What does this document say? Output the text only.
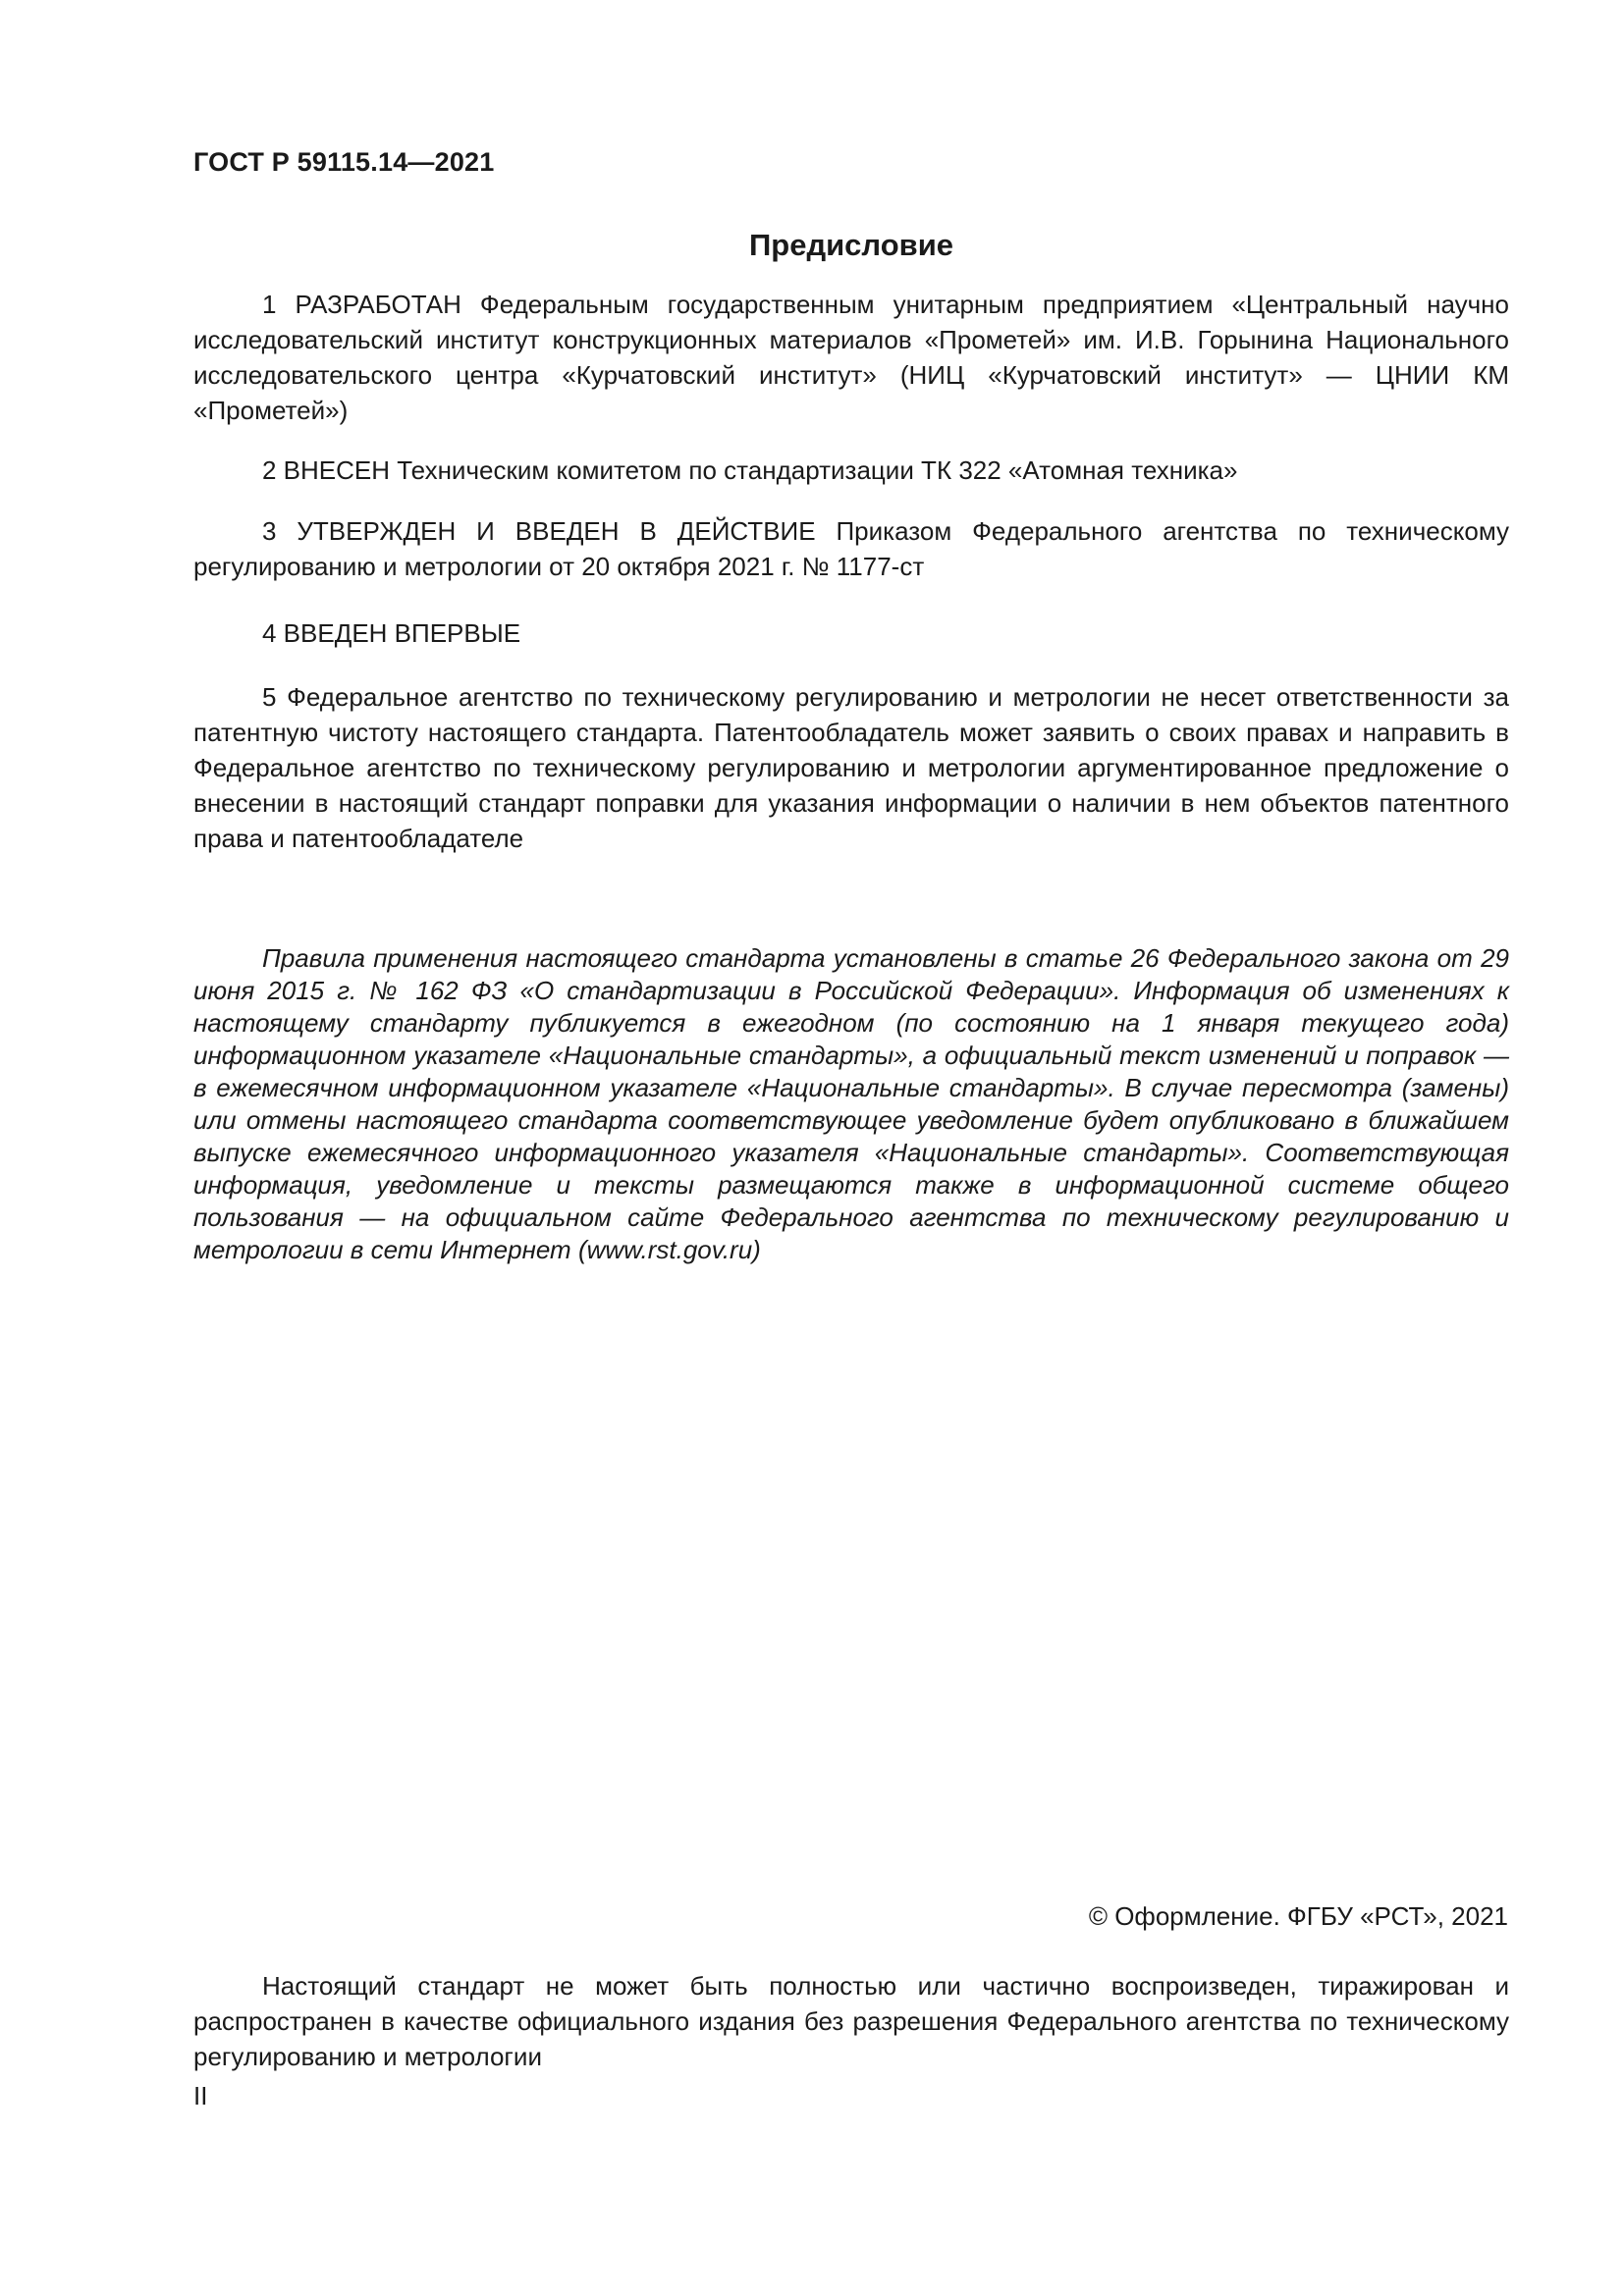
ГОСТ Р 59115.14—2021
Предисловие

1 РАЗРАБОТАН Федеральным государственным унитарным предприятием «Центральный научно исследовательский институт конструкционных материалов «Прометей» им. И.В. Горынина Национального исследовательского центра «Курчатовский институт» (НИЦ «Курчатовский институт» — ЦНИИ КМ «Прометей»)

2 ВНЕСЕН Техническим комитетом по стандартизации ТК 322 «Атомная техника»

3 УТВЕРЖДЕН И ВВЕДЕН В ДЕЙСТВИЕ Приказом Федерального агентства по техническому регулированию и метрологии от 20 октября 2021 г. № 1177-ст

4 ВВЕДЕН ВПЕРВЫЕ

5 Федеральное агентство по техническому регулированию и метрологии не несет ответственности за патентную чистоту настоящего стандарта. Патентообладатель может заявить о своих правах и направить в Федеральное агентство по техническому регулированию и метрологии аргументированное предложение о внесении в настоящий стандарт поправки для указания информации о наличии в нем объектов патентного права и патентообладателе

Правила применения настоящего стандарта установлены в статье 26 Федерального закона от 29 июня 2015 г. № 162 ФЗ «О стандартизации в Российской Федерации». Информация об изменениях к настоящему стандарту публикуется в ежегодном (по состоянию на 1 января текущего года) информационном указателе «Национальные стандарты», а официальный текст изменений и поправок — в ежемесячном информационном указателе «Национальные стандарты». В случае пересмотра (замены) или отмены настоящего стандарта соответствующее уведомление будет опубликовано в ближайшем выпуске ежемесячного информационного указателя «Национальные стандарты». Соответствующая информация, уведомление и тексты размещаются также в информационной системе общего пользования — на официальном сайте Федерального агентства по техническому регулированию и метрологии в сети Интернет (www.rst.gov.ru)

© Оформление. ФГБУ «РСТ», 2021

Настоящий стандарт не может быть полностью или частично воспроизведен, тиражирован и распространен в качестве официального издания без разрешения Федерального агентства по техническому регулированию и метрологии

II
